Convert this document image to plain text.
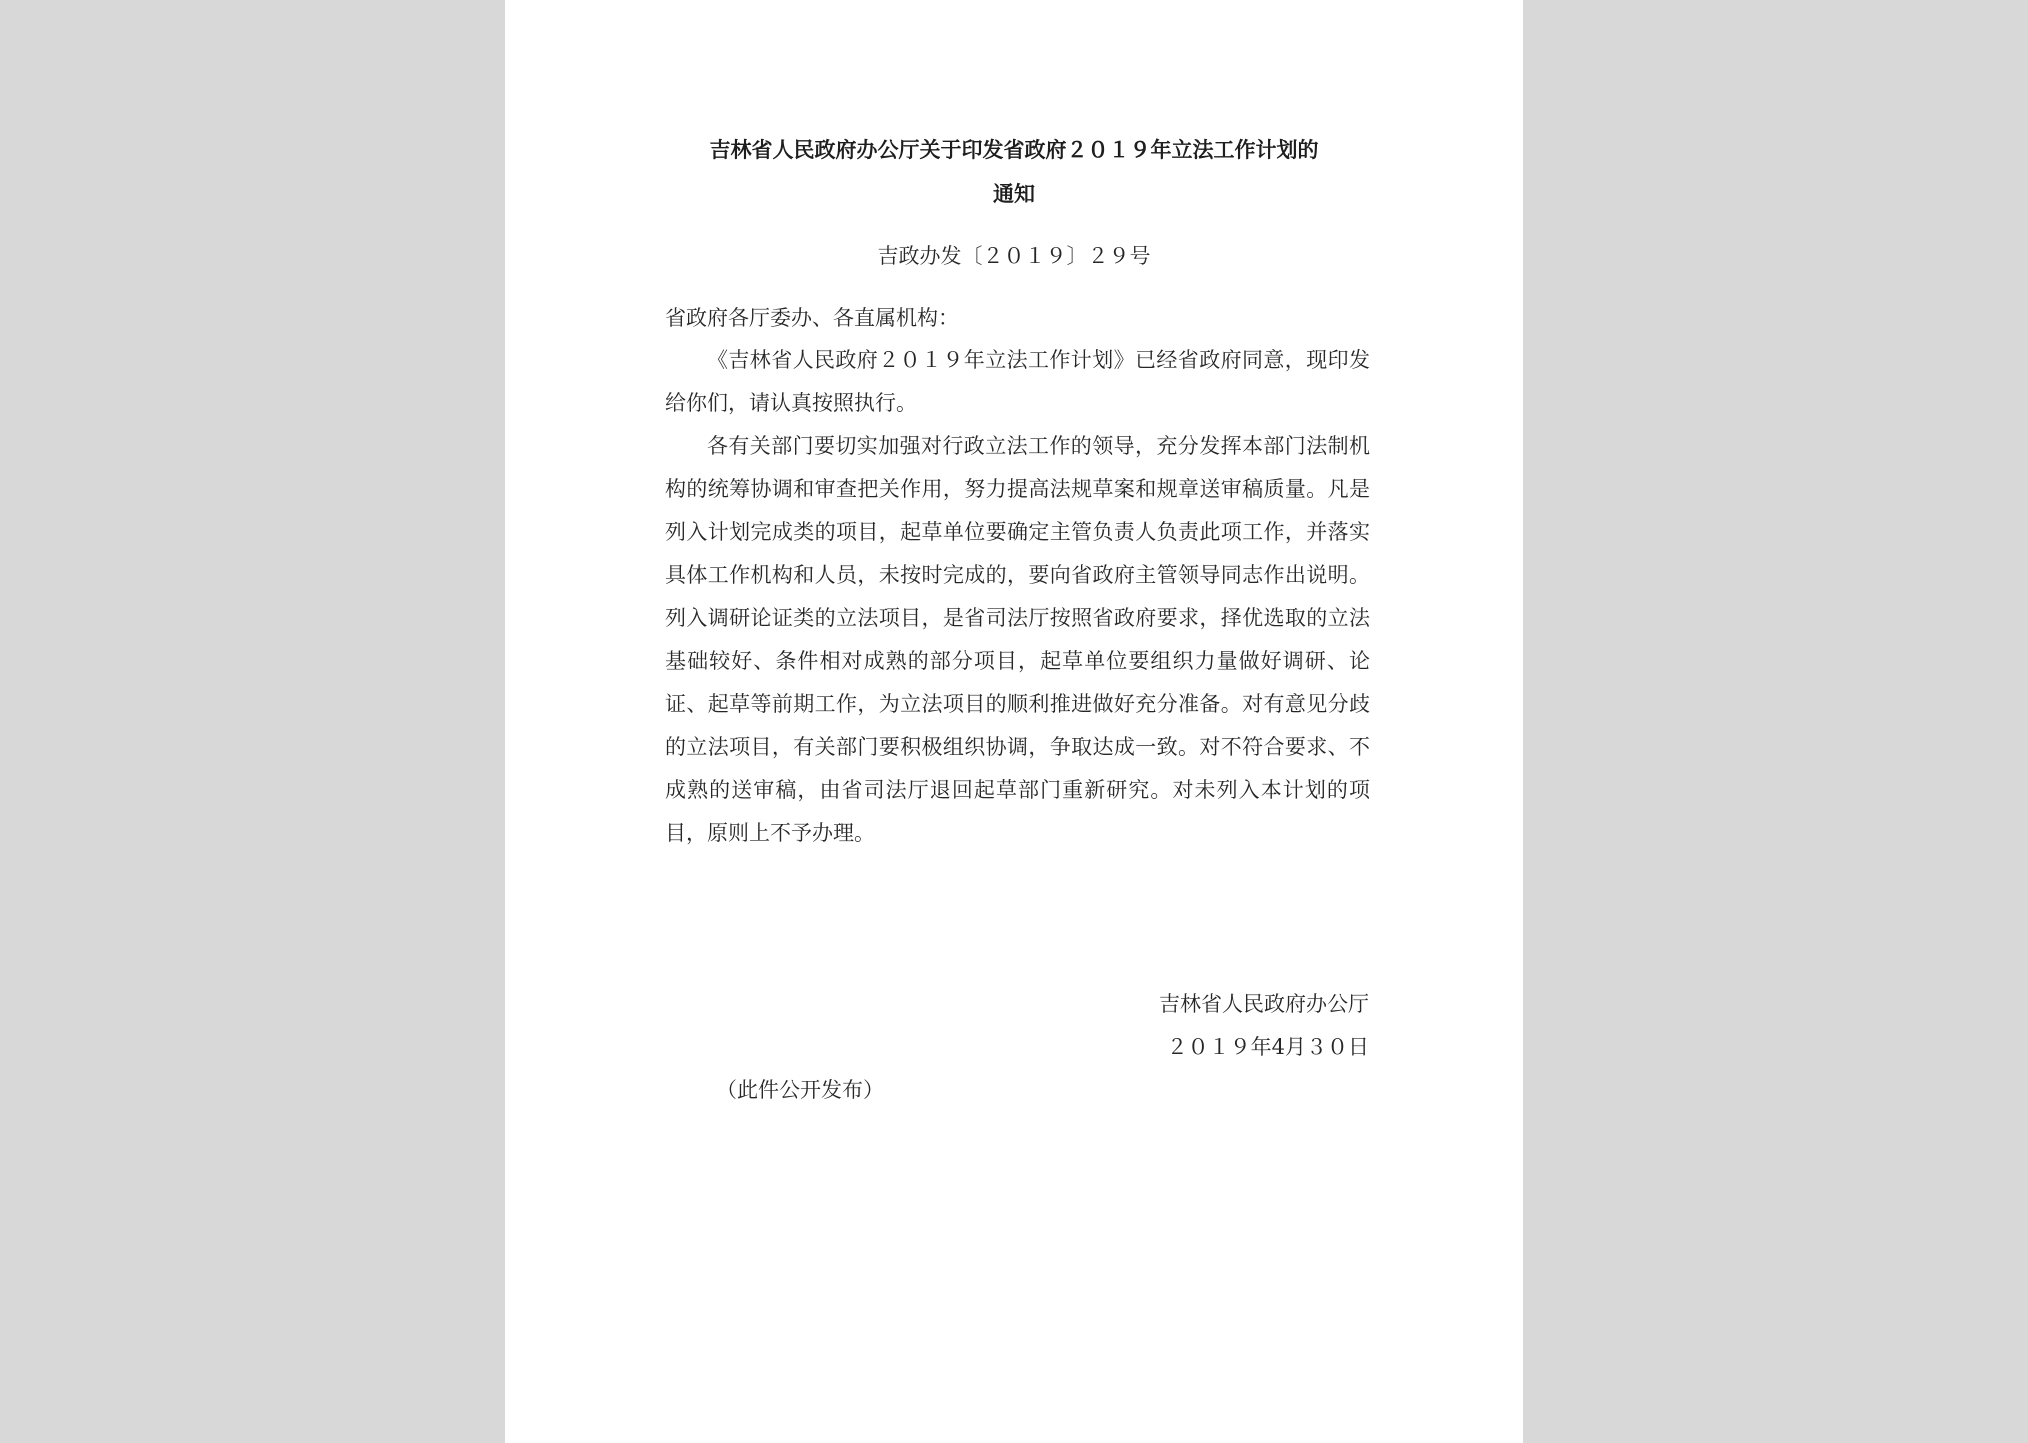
吉林省人民政府办公厅关于印发省政府２０１９年立法工作计划的
通知
吉政办发〔２０１９〕２９号
省政府各厅委办、各直属机构：

《吉林省人民政府２０１９年立法工作计划》已经省政府同意，现印发给你们，请认真按照执行。

各有关部门要切实加强对行政立法工作的领导，充分发挥本部门法制机构的统筹协调和审查把关作用，努力提高法规草案和规章送审稿质量。凡是列入计划完成类的项目，起草单位要确定主管负责人负责此项工作，并落实具体工作机构和人员，未按时完成的，要向省政府主管领导同志作出说明。列入调研论证类的立法项目，是省司法厅按照省政府要求，择优选取的立法基础较好、条件相对成熟的部分项目，起草单位要组织力量做好调研、论证、起草等前期工作，为立法项目的顺利推进做好充分准备。对有意见分歧的立法项目，有关部门要积极组织协调，争取达成一致。对不符合要求、不成熟的送审稿，由省司法厅退回起草部门重新研究。对未列入本计划的项目，原则上不予办理。

吉林省人民政府办公厅
２０１９年4月３０日
（此件公开发布）
